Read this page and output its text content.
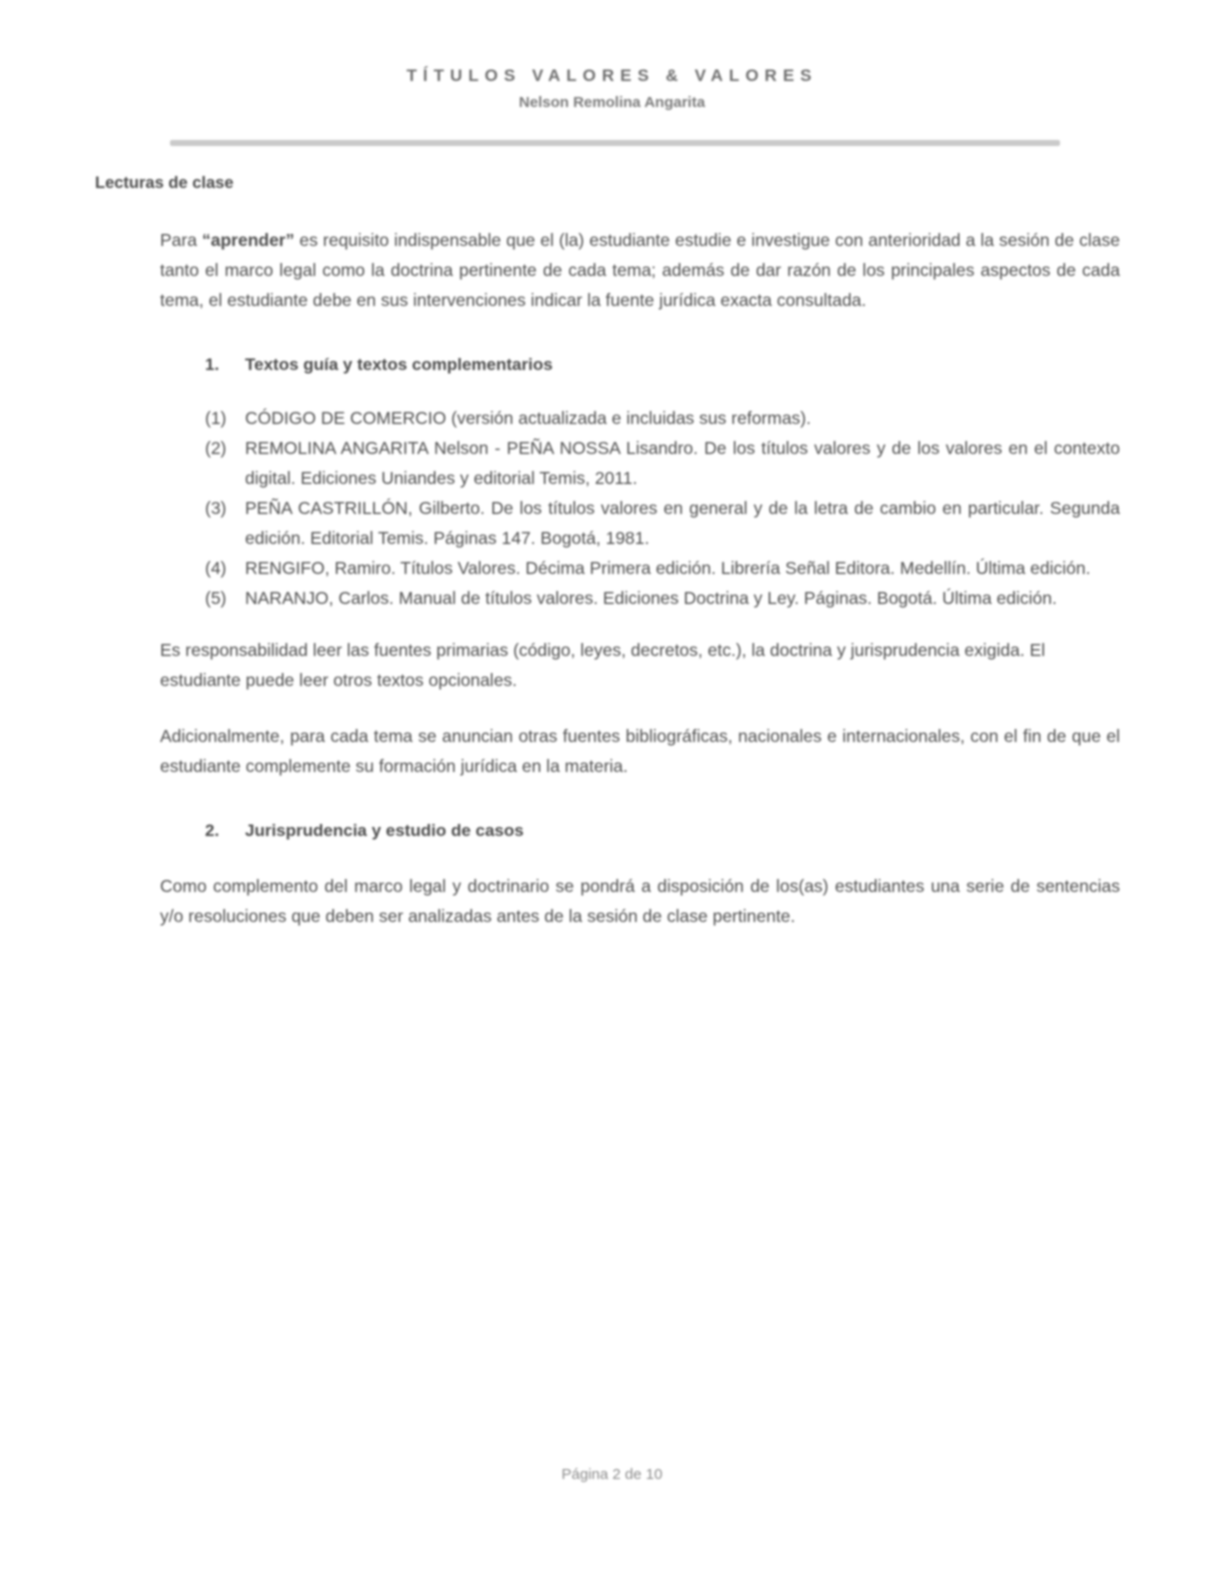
TÍTULOS VALORES & VALORES
Nelson Remolina Angarita
Lecturas de clase

Para “aprender” es requisito indispensable que el (la) estudiante estudie e investigue con anterioridad a la sesión de clase tanto el marco legal como la doctrina pertinente de cada tema; además de dar razón de los principales aspectos de cada tema, el estudiante debe en sus intervenciones indicar la fuente jurídica exacta consultada.

1.	Textos guía y textos complementarios
(1)	CÓDIGO DE COMERCIO (versión actualizada e incluidas sus reformas).
(2)	REMOLINA ANGARITA Nelson - PEÑA NOSSA Lisandro. De los títulos valores y de los valores en el contexto digital. Ediciones Uniandes y editorial Temis, 2011.
(3)	PEÑA CASTRILLÓN, Gilberto. De los títulos valores en general y de la letra de cambio en particular. Segunda edición. Editorial Temis. Páginas 147. Bogotá, 1981.
(4)	RENGIFO, Ramiro. Títulos Valores. Décima Primera edición. Librería Señal Editora. Medellín. Última edición.
(5)	NARANJO, Carlos. Manual de títulos valores. Ediciones Doctrina y Ley. Páginas. Bogotá. Última edición.

Es responsabilidad leer las fuentes primarias (código, leyes, decretos, etc.), la doctrina y jurisprudencia exigida. El estudiante puede leer otros textos opcionales.

Adicionalmente, para cada tema se anuncian otras fuentes bibliográficas, nacionales e internacionales, con el fin de que el estudiante complemente su formación jurídica en la materia.

2.	Jurisprudencia y estudio de casos

Como complemento del marco legal y doctrinario se pondrá a disposición de los(as) estudiantes una serie de sentencias y/o resoluciones que deben ser analizadas antes de la sesión de clase pertinente.

Página 2 de 10
